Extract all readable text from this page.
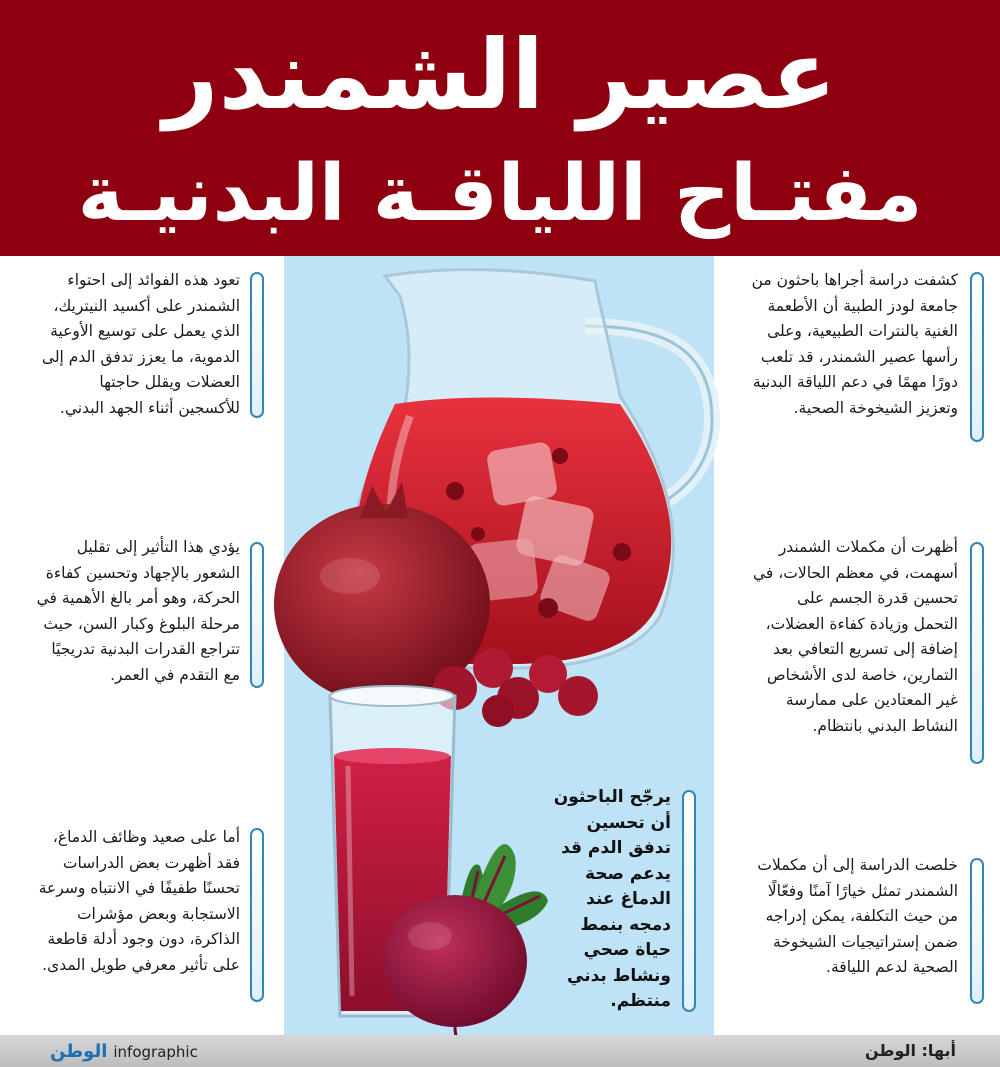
عصير الشمندر
مفتـاح اللياقـة البدنيـة
تعود هذه الفوائد إلى احتواء الشمندر على أكسيد النيتريك، الذي يعمل على توسيع الأوعية الدموية، ما يعزز تدفق الدم إلى العضلات ويقلل حاجتها للأكسجين أثناء الجهد البدني.
يؤدي هذا التأثير إلى تقليل الشعور بالإجهاد وتحسين كفاءة الحركة، وهو أمر بالغ الأهمية في مرحلة البلوغ وكبار السن، حيث تتراجع القدرات البدنية تدريجيًا مع التقدم في العمر.
أما على صعيد وظائف الدماغ، فقد أظهرت بعض الدراسات تحسنًا طفيفًا في الانتباه وسرعة الاستجابة وبعض مؤشرات الذاكرة، دون وجود أدلة قاطعة على تأثير معرفي طويل المدى.
كشفت دراسة أجراها باحثون من جامعة لودز الطبية أن الأطعمة الغنية بالنترات الطبيعية، وعلى رأسها عصير الشمندر، قد تلعب دورًا مهمًا في دعم اللياقة البدنية وتعزيز الشيخوخة الصحية.
أظهرت أن مكملات الشمندر أسهمت، في معظم الحالات، في تحسين قدرة الجسم على التحمل وزيادة كفاءة العضلات، إضافة إلى تسريع التعافي بعد التمارين، خاصة لدى الأشخاص غير المعتادين على ممارسة النشاط البدني بانتظام.
خلصت الدراسة إلى أن مكملات الشمندر تمثل خيارًا آمنًا وفعّالًا من حيث التكلفة، يمكن إدراجه ضمن إستراتيجيات الشيخوخة الصحية لدعم اللياقة.
يرجّح الباحثون أن تحسين تدفق الدم قد يدعم صحة الدماغ عند دمجه بنمط حياة صحي ونشاط بدني منتظم.
أبها: الوطن
الوطن infographic
